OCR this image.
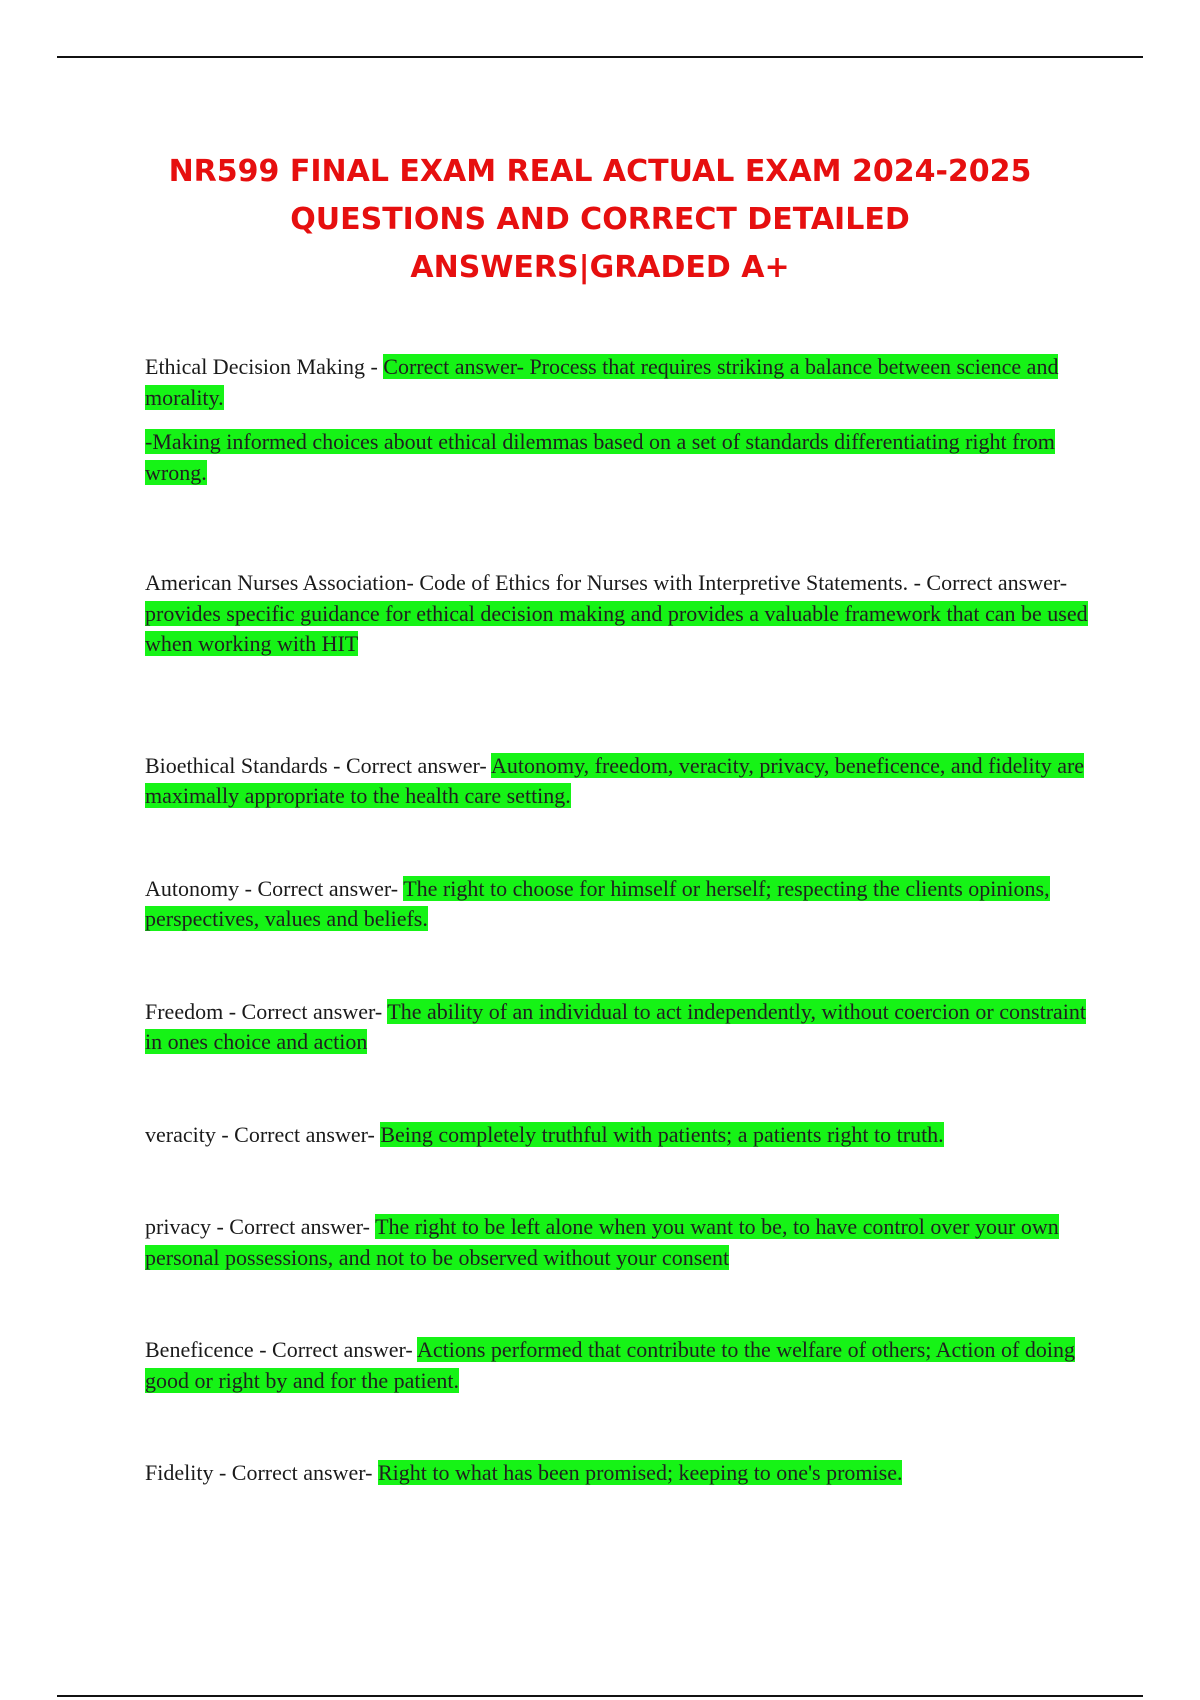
NR599 FINAL EXAM REAL ACTUAL EXAM 2024-2025
QUESTIONS AND CORRECT DETAILED
ANSWERS|GRADED A+

Ethical Decision Making - Correct answer- Process that requires striking a balance between science and morality.

-Making informed choices about ethical dilemmas based on a set of standards differentiating right from wrong.

American Nurses Association- Code of Ethics for Nurses with Interpretive Statements. - Correct answer- provides specific guidance for ethical decision making and provides a valuable framework that can be used when working with HIT

Bioethical Standards - Correct answer- Autonomy, freedom, veracity, privacy, beneficence, and fidelity are maximally appropriate to the health care setting.

Autonomy - Correct answer- The right to choose for himself or herself; respecting the clients opinions, perspectives, values and beliefs.

Freedom - Correct answer- The ability of an individual to act independently, without coercion or constraint in ones choice and action

veracity - Correct answer- Being completely truthful with patients; a patients right to truth.

privacy - Correct answer- The right to be left alone when you want to be, to have control over your own personal possessions, and not to be observed without your consent

Beneficence - Correct answer- Actions performed that contribute to the welfare of others; Action of doing good or right by and for the patient.

Fidelity - Correct answer- Right to what has been promised; keeping to one's promise.
